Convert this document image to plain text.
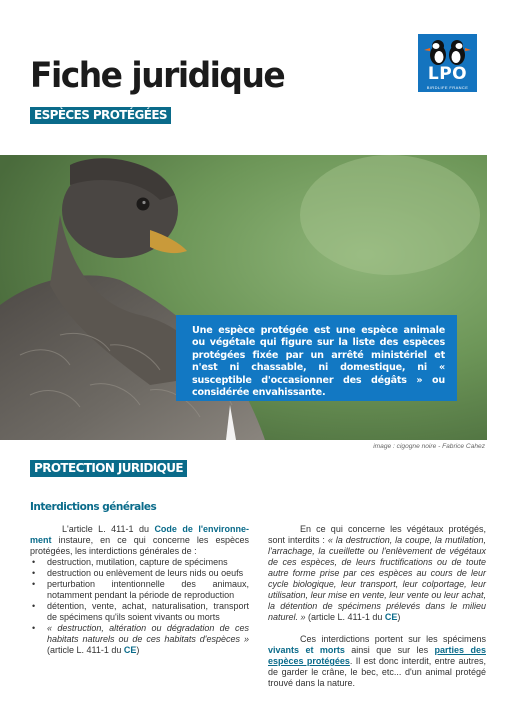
Fiche juridique
ESPÈCES PROTÉGÉES
LPO
BIRDLIFE FRANCE
Une espèce protégée est une espèce animale ou végétale qui figure sur la liste des espèces protégées fixée par un arrêté ministériel et n'est ni chassable, ni domestique, ni « susceptible d'occasionner des dégâts » ou considérée envahissante.
image : cigogne noire - Fabrice Cahez
PROTECTION JURIDIQUE
Interdictions générales

L'article L. 411-1 du Code de l'environne-ment instaure, en ce qui concerne les espèces protégées, les interdictions générales de :

• destruction, mutilation, capture de spécimens
• destruction ou enlèvement de leurs nids ou oeufs
• perturbation intentionnelle des animaux, notamment pendant la période de reproduction
• détention, vente, achat, naturalisation, transport de spécimens qu'ils soient vivants ou morts
• « destruction, altération ou dégradation de ces habitats naturels ou de ces habitats d'espèces » (article L. 411-1 du CE)

En ce qui concerne les végétaux protégés, sont interdits : « la destruction, la coupe, la mutilation, l'arrachage, la cueillette ou l'enlèvement de végétaux de ces espèces, de leurs fructifications ou de toute autre forme prise par ces espèces au cours de leur cycle biologique, leur transport, leur colportage, leur utilisation, leur mise en vente, leur vente ou leur achat, la détention de spécimens prélevés dans le milieu naturel. » (article L. 411-1 du CE)

Ces interdictions portent sur les spécimens vivants et morts ainsi que sur les parties des espèces protégées. Il est donc interdit, entre autres, de garder le crâne, le bec, etc... d'un animal protégé trouvé dans la nature.
